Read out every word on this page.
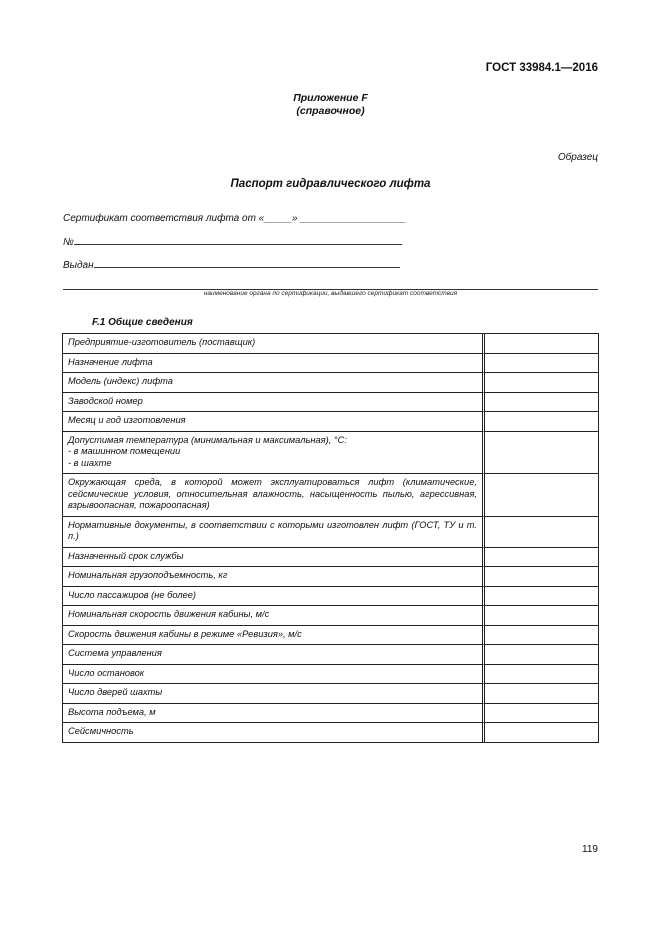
ГОСТ 33984.1—2016
Приложение F
(справочное)
Образец
Паспорт гидравлического лифта
Сертификат соответствия лифта от «_____» ___________________
№
Выдан
наименование органа по сертификации, выдавшего сертификат соответствия
F.1 Общие сведения
Предприятие-изготовитель (поставщик)	
Назначение лифта	
Модель (индекс) лифта	
Заводской номер	
Месяц и год изготовления	
Допустимая температура (минимальная и максимальная), °С:
- в машинном помещении
- в шахте	

Окружающая среда, в которой может эксплуатироваться лифт (климатические, сейсмические условия, относительная влажность, насыщенность пылью, агрессивная, взрывоопасная, пожароопасная)	
Нормативные документы, в соответствии с которыми изготовлен лифт (ГОСТ, ТУ и т. п.)	
Назначенный срок службы	
Номинальная грузоподъемность, кг	
Число пассажиров (не более)	
Номинальная скорость движения кабины, м/с	
Скорость движения кабины в режиме «Ревизия», м/с	
Система управления	
Число остановок	
Число дверей шахты	
Высота подъема, м	
Сейсмичность	
119
